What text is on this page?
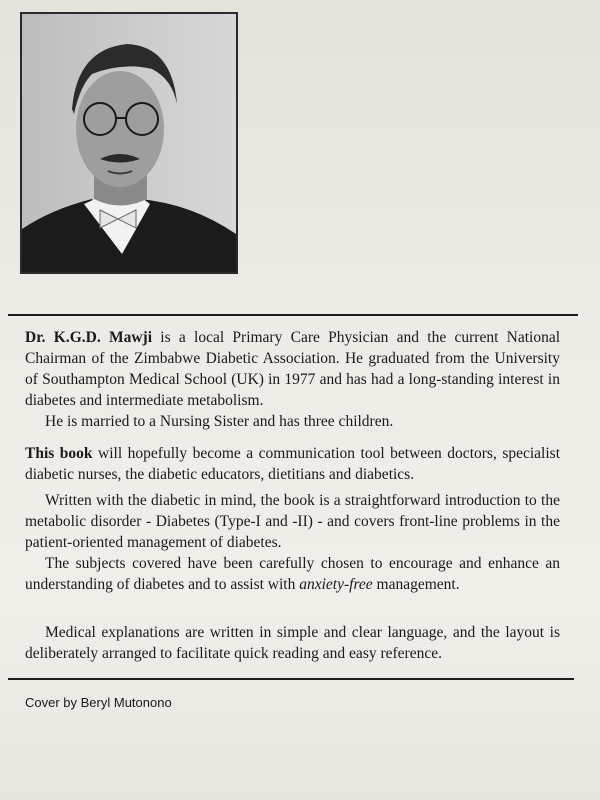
Dr. K.G.D. Mawji is a local Primary Care Physician and the current National Chairman of the Zimbabwe Diabetic Association. He graduated from the University of Southampton Medical School (UK) in 1977 and has had a long-standing interest in diabetes and intermediate metabolism.

He is married to a Nursing Sister and has three children.

This book will hopefully become a communication tool between doctors, specialist diabetic nurses, the diabetic educators, dietitians and diabetics.

Written with the diabetic in mind, the book is a straightforward introduction to the metabolic disorder - Diabetes (Type-I and -II) - and covers front-line problems in the patient-oriented management of diabetes.

The subjects covered have been carefully chosen to encourage and enhance an understanding of diabetes and to assist with anxiety-free management.

Medical explanations are written in simple and clear language, and the layout is deliberately arranged to facilitate quick reading and easy reference.

Cover by Beryl Mutonono
